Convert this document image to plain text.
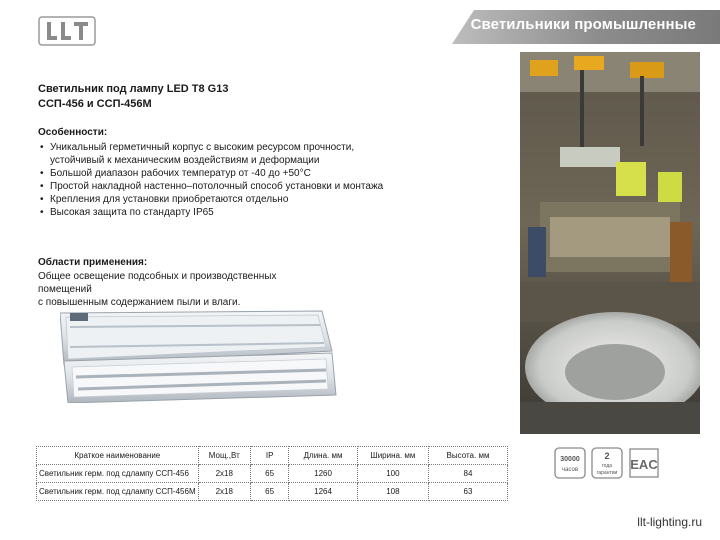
Светильники промышленные
Светильник под лампу LED T8 G13
ССП-456 и ССП-456М
Особенности:
• Уникальный герметичный корпус с высоким ресурсом прочности, устойчивый к механическим воздействиям и деформации
• Большой диапазон рабочих температур от -40 до +50°С
• Простой накладной настенно–потолочный способ установки и монтажа
• Крепления для установки приобретаются отдельно
• Высокая защита по стандарту IP65
Области применения:
Общее освещение подсобных и производственных помещений
с повышенным содержанием пыли и влаги.
Краткое наименование	Мощ.,Вт	IP	Длина. мм	Ширина. мм	Высота. мм
Светильник герм. под сдлампу ССП-456	2х18	65	1260	100	84
Светильник герм. под сдлампу ССП-456М	2х18	65	1264	108	63
30000
часов
2
года
гарантии
EAC
llt-lighting.ru
